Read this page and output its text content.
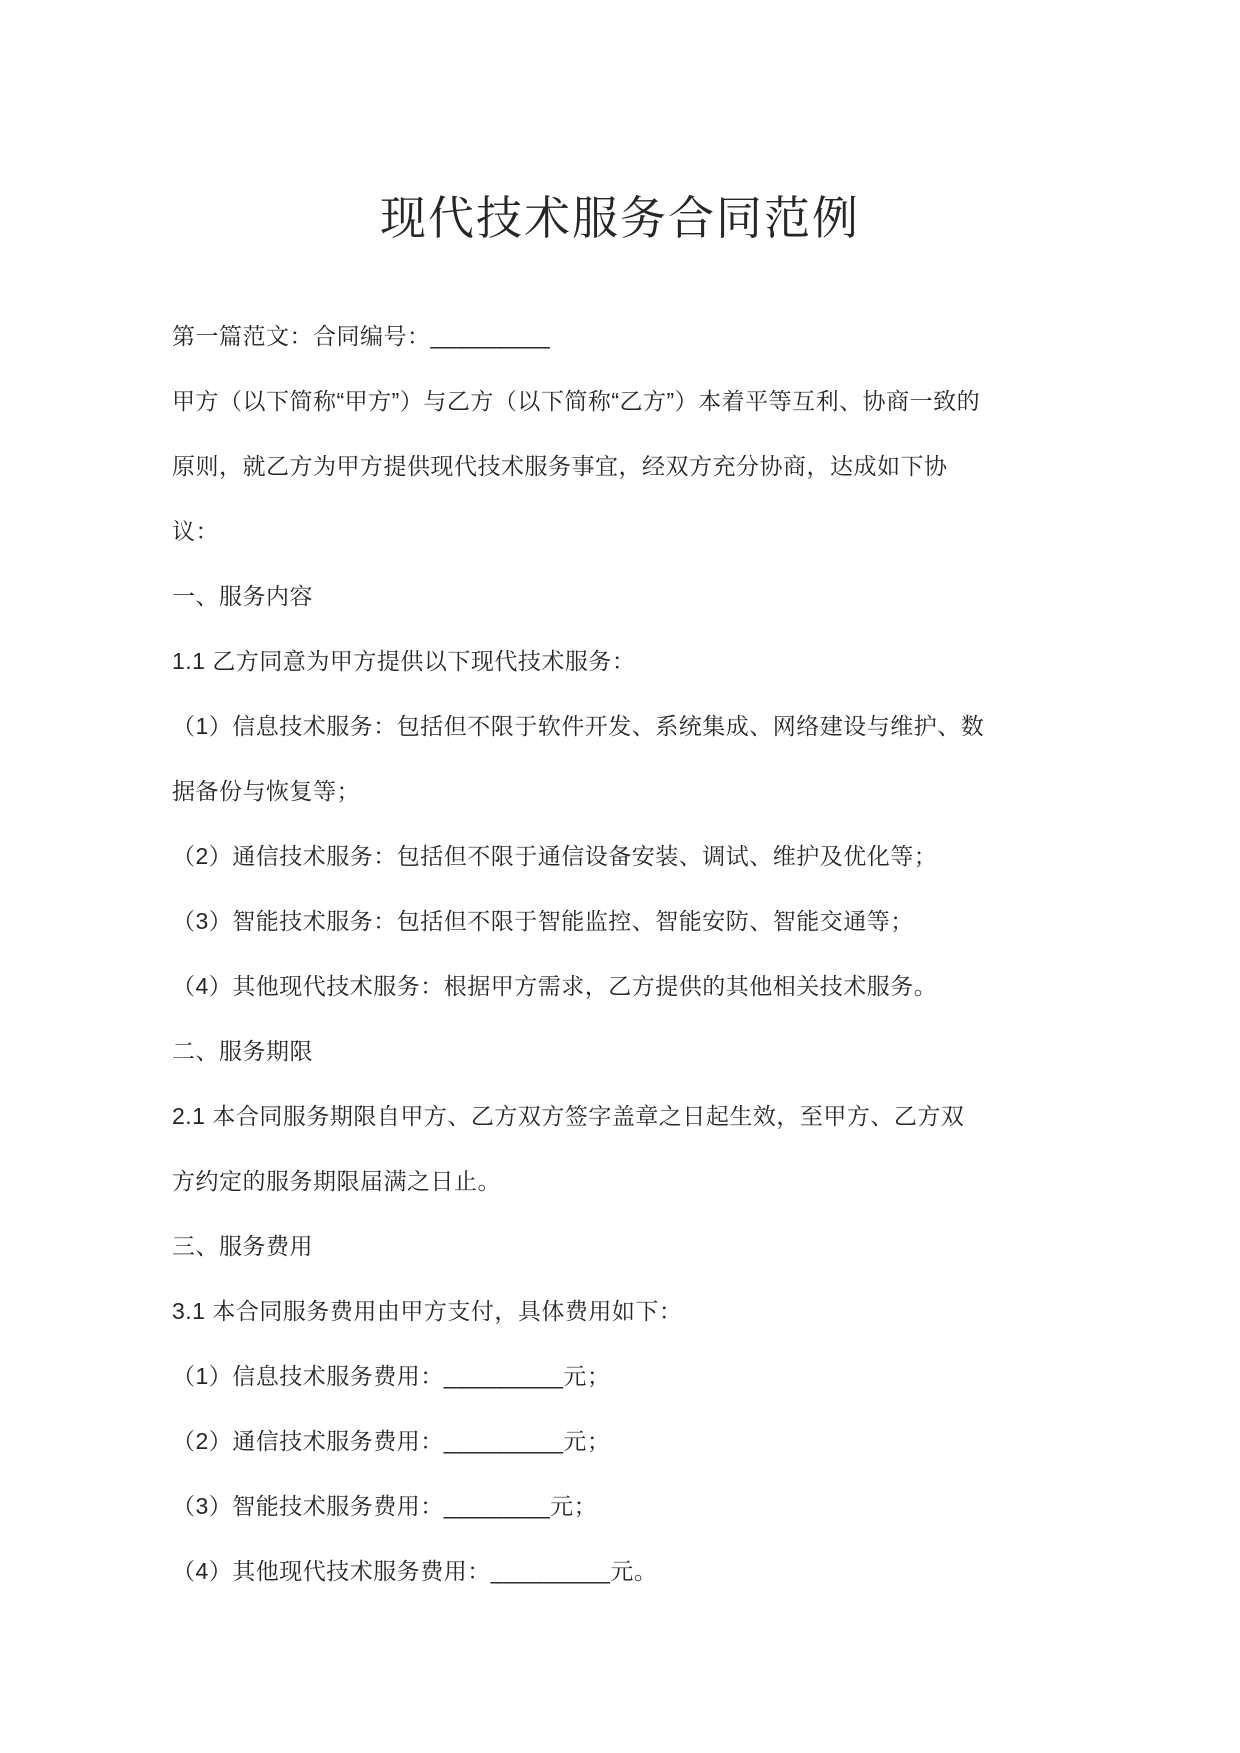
现代技术服务合同范例
第一篇范文：合同编号：_________
甲方（以下简称“甲方”）与乙方（以下简称“乙方”）本着平等互利、协商一致的
原则，就乙方为甲方提供现代技术服务事宜，经双方充分协商，达成如下协
议：
一、服务内容
1.1 乙方同意为甲方提供以下现代技术服务：
（1）信息技术服务：包括但不限于软件开发、系统集成、网络建设与维护、数
据备份与恢复等；
（2）通信技术服务：包括但不限于通信设备安装、调试、维护及优化等；
（3）智能技术服务：包括但不限于智能监控、智能安防、智能交通等；
（4）其他现代技术服务：根据甲方需求，乙方提供的其他相关技术服务。
二、服务期限
2.1 本合同服务期限自甲方、乙方双方签字盖章之日起生效，至甲方、乙方双
方约定的服务期限届满之日止。
三、服务费用
3.1 本合同服务费用由甲方支付，具体费用如下：
（1）信息技术服务费用：_________元；
（2）通信技术服务费用：_________元；
（3）智能技术服务费用：________元；
（4）其他现代技术服务费用：_________元。
